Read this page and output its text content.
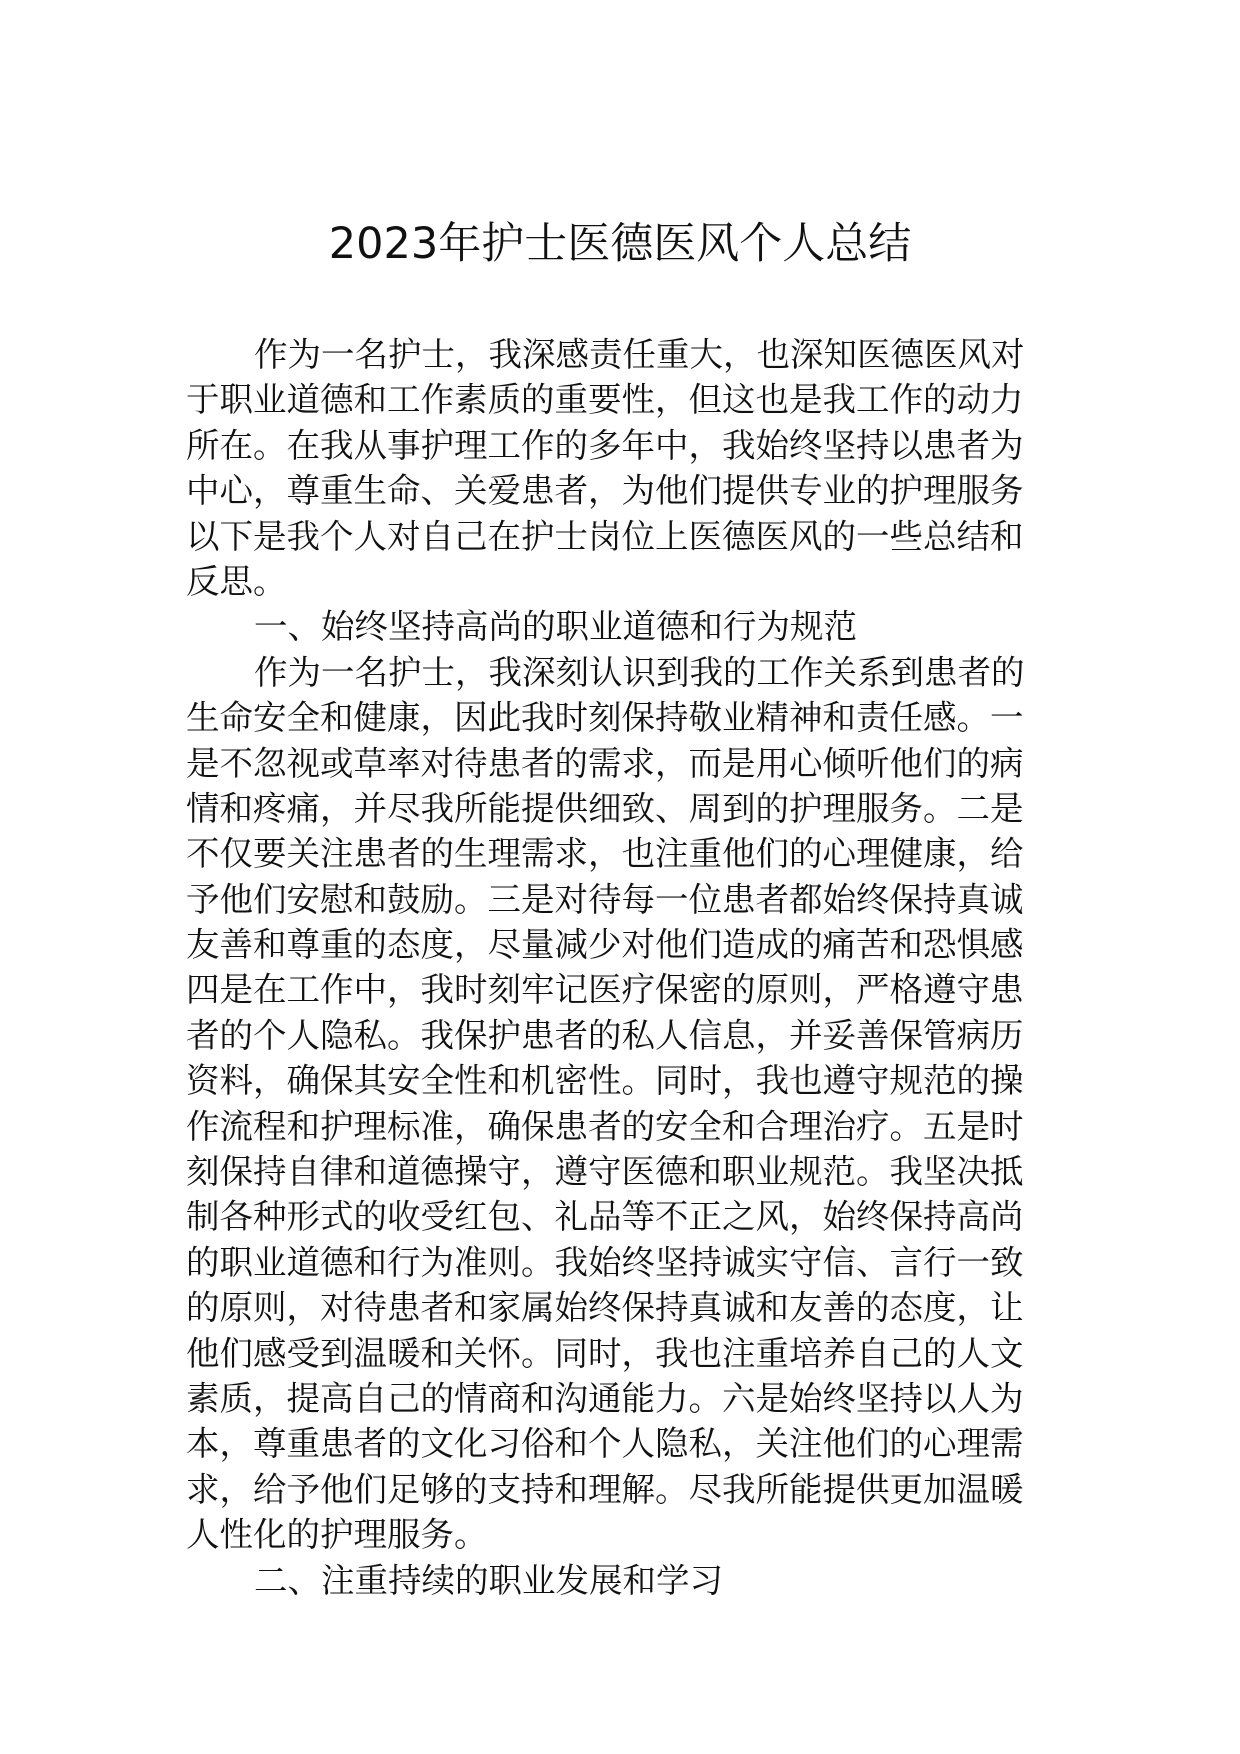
2023年护士医德医风个人总结
作为一名护士，我深感责任重大，也深知医德医风对
于职业道德和工作素质的重要性，但这也是我工作的动力
所在。在我从事护理工作的多年中，我始终坚持以患者为
中心，尊重生命、关爱患者，为他们提供专业的护理服务
以下是我个人对自己在护士岗位上医德医风的一些总结和
反思。
一、始终坚持高尚的职业道德和行为规范
作为一名护士，我深刻认识到我的工作关系到患者的
生命安全和健康，因此我时刻保持敬业精神和责任感。一
是不忽视或草率对待患者的需求，而是用心倾听他们的病
情和疼痛，并尽我所能提供细致、周到的护理服务。二是
不仅要关注患者的生理需求，也注重他们的心理健康，给
予他们安慰和鼓励。三是对待每一位患者都始终保持真诚
友善和尊重的态度，尽量减少对他们造成的痛苦和恐惧感
四是在工作中，我时刻牢记医疗保密的原则，严格遵守患
者的个人隐私。我保护患者的私人信息，并妥善保管病历
资料，确保其安全性和机密性。同时，我也遵守规范的操
作流程和护理标准，确保患者的安全和合理治疗。五是时
刻保持自律和道德操守，遵守医德和职业规范。我坚决抵
制各种形式的收受红包、礼品等不正之风，始终保持高尚
的职业道德和行为准则。我始终坚持诚实守信、言行一致
的原则，对待患者和家属始终保持真诚和友善的态度，让
他们感受到温暖和关怀。同时，我也注重培养自己的人文
素质，提高自己的情商和沟通能力。六是始终坚持以人为
本，尊重患者的文化习俗和个人隐私，关注他们的心理需
求，给予他们足够的支持和理解。尽我所能提供更加温暖
人性化的护理服务。
二、注重持续的职业发展和学习
